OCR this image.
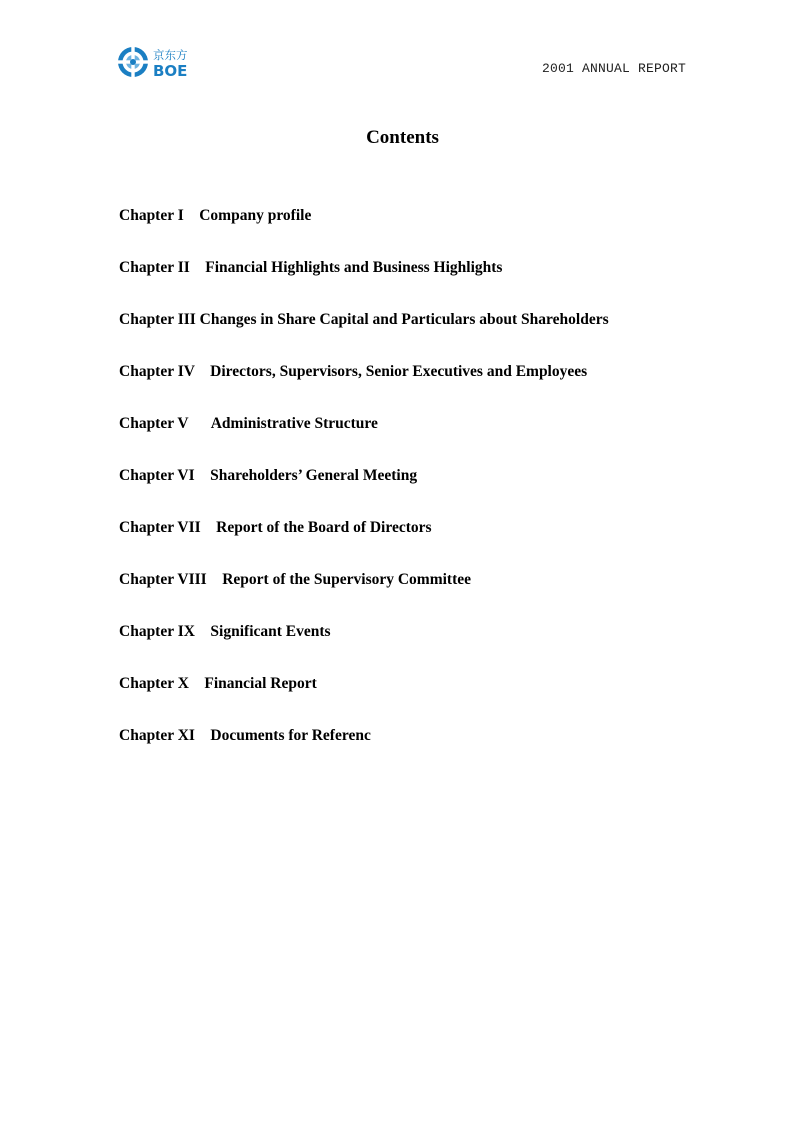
京东方
BOE	2001 ANNUAL REPORT
Contents
Chapter I    Company profile
Chapter II    Financial Highlights and Business Highlights
Chapter III Changes in Share Capital and Particulars about Shareholders
Chapter IV    Directors, Supervisors, Senior Executives and Employees
Chapter V      Administrative Structure
Chapter VI    Shareholders’ General Meeting
Chapter VII    Report of the Board of Directors
Chapter VIII    Report of the Supervisory Committee
Chapter IX    Significant Events
Chapter X    Financial Report
Chapter XI    Documents for Referenc
